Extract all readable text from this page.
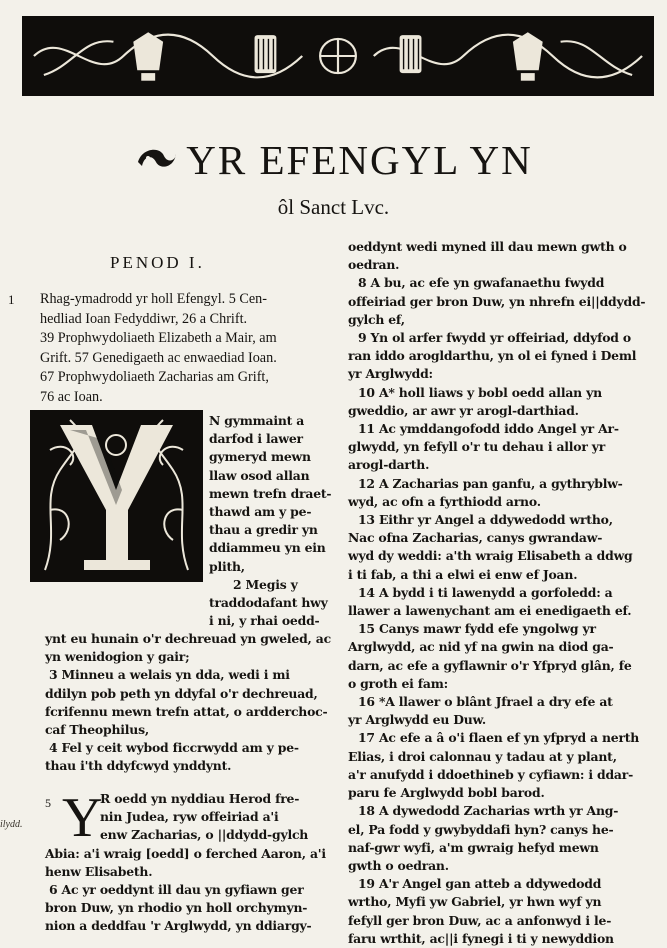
YR EFENGYL YN
ôl Sanct Lvc.
PENOD I.
1 Rhag-ymadrodd yr holl Efengyl. 5 Cen-

hedliad Ioan Fedyddiwr, 26 a Chrift.

39 Prophwydoliaeth Elizabeth a Mair, am

Grift. 57 Genedigaeth ac enwaediad Ioan.

67 Prophwydoliaeth Zacharias am Grift,

76 ac Ioan.

N gymmaint a

darfod i lawer

gymeryd mewn

llaw osod allan

mewn trefn draet-

thawd am y pe-

thau a gredir yn

ddiammeu yn ein

plith,

2 Megis y

traddodafant hwy

i ni, y rhai oedd-

ynt eu hunain o'r dechreuad yn gweled, ac

yn wenidogion y gair;

3 Minneu a welais yn dda, wedi i mi

ddilyn pob peth yn ddyfal o'r dechreuad,

fcrifennu mewn trefn attat, o ardderchoc-

caf Theophilus,

4 Fel y ceit wybod ficcrwydd am y pe-

thau i'th ddyfcwyd ynddynt.

ilydd.
5 Y
R oedd yn nyddiau Herod fre-
nin Judea, ryw offeiriad a'i
enw Zacharias, o ||ddydd-gylch
Abia: a'i wraig [oedd] o ferched Aaron, a'i
henw Elisabeth.
6 Ac yr oeddynt ill dau yn gyfiawn ger
bron Duw, yn rhodio yn holl orchymyn-
nion a deddfau 'r Arglwydd, yn ddiargy-

oeddynt wedi myned ill dau mewn gwth o

oedran.

8 A bu, ac efe yn gwafanaethu fwydd

offeiriad ger bron Duw, yn nhrefn ei||ddydd-

gylch ef,

9 Yn ol arfer fwydd yr offeiriad, ddyfod o

ran iddo arogldarthu, yn ol ei fyned i Deml

yr Arglwydd:

10 A* holl liaws y bobl oedd allan yn

gweddio, ar awr yr arogl-darthiad.

11 Ac ymddangofodd iddo Angel yr Ar-

glwydd, yn fefyll o'r tu dehau i allor yr

arogl-darth.

12 A Zacharias pan ganfu, a gythryblw-

wyd, ac ofn a fyrthiodd arno.

13 Eithr yr Angel a ddywedodd wrtho,

Nac ofna Zacharias, canys gwrandaw-

wyd dy weddi: a'th wraig Elisabeth a ddwg

i ti fab, a thi a elwi ei enw ef Joan.

14 A bydd i ti lawenydd a gorfoledd: a

llawer a lawenychant am ei enedigaeth ef.

15 Canys mawr fydd efe yngolwg yr

Arglwydd, ac nid yf na gwin na diod ga-

darn, ac efe a gyflawnir o'r Yfpryd glân, fe

o groth ei fam:

16 *A llawer o blânt Jfrael a dry efe at

yr Arglwydd eu Duw.

17 Ac efe a â o'i flaen ef yn yfpryd a nerth

Elias, i droi calonnau y tadau at y plant,

a'r anufydd i ddoethineb y cyfiawn: i ddar-

paru fe Arglwydd bobl barod.

18 A dywedodd Zacharias wrth yr Ang-

el, Pa fodd y gwybyddafi hyn? canys he-

naf-gwr wyfi, a'm gwraig hefyd mewn

gwth o oedran.

19 A'r Angel gan atteb a ddywedodd

wrtho, Myfi yw Gabriel, yr hwn wyf yn

fefyll ger bron Duw, ac a anfonwyd i le-

faru wrthit, ac||i fynegi i ti y newyddion
